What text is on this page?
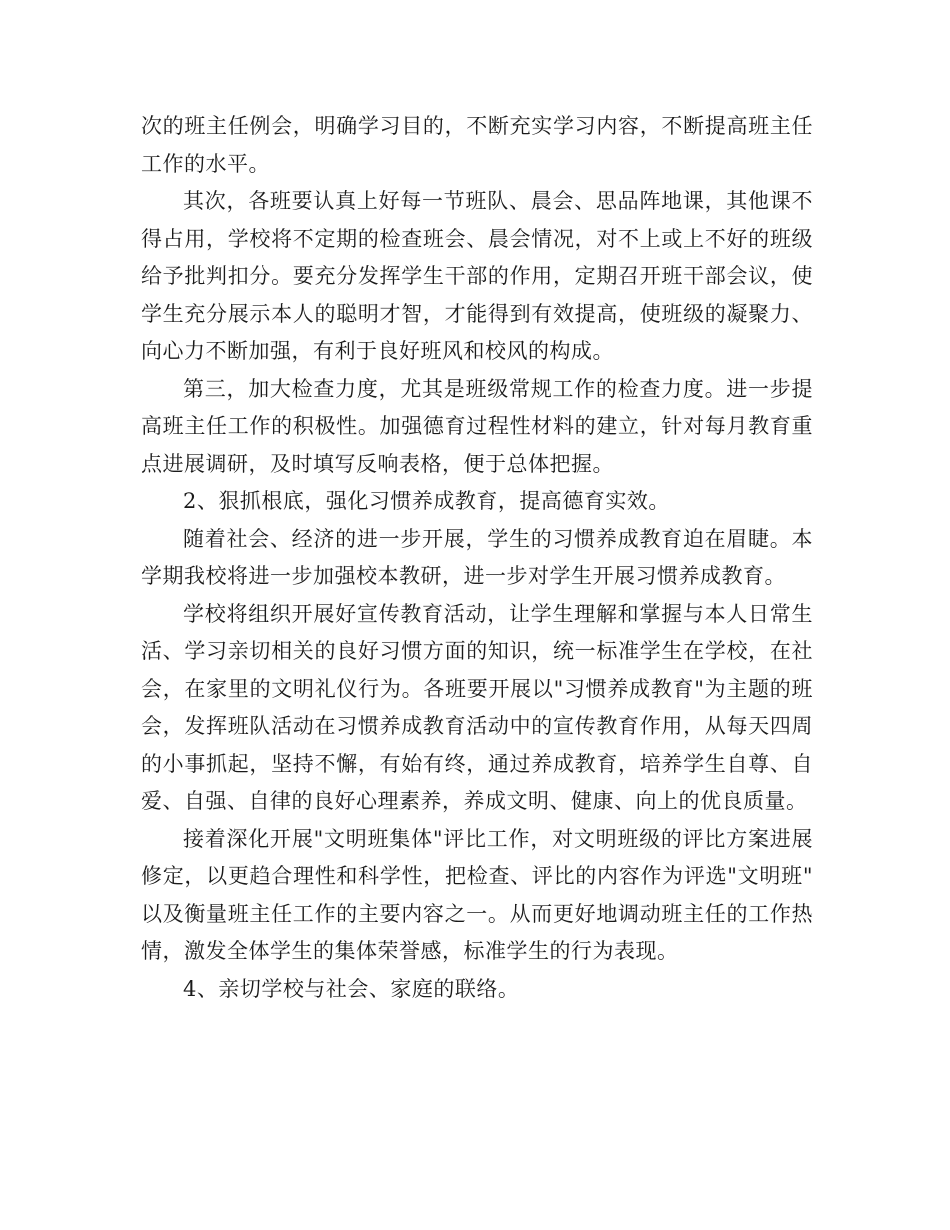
次的班主任例会，明确学习目的，不断充实学习内容，不断提高班主任工作的水平。

其次，各班要认真上好每一节班队、晨会、思品阵地课，其他课不得占用，学校将不定期的检查班会、晨会情况，对不上或上不好的班级给予批判扣分。要充分发挥学生干部的作用，定期召开班干部会议，使学生充分展示本人的聪明才智，才能得到有效提高，使班级的凝聚力、向心力不断加强，有利于良好班风和校风的构成。

第三，加大检查力度，尤其是班级常规工作的检查力度。进一步提高班主任工作的积极性。加强德育过程性材料的建立，针对每月教育重点进展调研，及时填写反响表格，便于总体把握。

2、狠抓根底，强化习惯养成教育，提高德育实效。

随着社会、经济的进一步开展，学生的习惯养成教育迫在眉睫。本学期我校将进一步加强校本教研，进一步对学生开展习惯养成教育。

学校将组织开展好宣传教育活动，让学生理解和掌握与本人日常生活、学习亲切相关的良好习惯方面的知识，统一标准学生在学校，在社会，在家里的文明礼仪行为。各班要开展以"习惯养成教育"为主题的班会，发挥班队活动在习惯养成教育活动中的宣传教育作用，从每天四周的小事抓起，坚持不懈，有始有终，通过养成教育，培养学生自尊、自爱、自强、自律的良好心理素养，养成文明、健康、向上的优良质量。

接着深化开展"文明班集体"评比工作，对文明班级的评比方案进展修定，以更趋合理性和科学性，把检查、评比的内容作为评选"文明班"以及衡量班主任工作的主要内容之一。从而更好地调动班主任的工作热情，激发全体学生的集体荣誉感，标准学生的行为表现。

4、亲切学校与社会、家庭的联络。
